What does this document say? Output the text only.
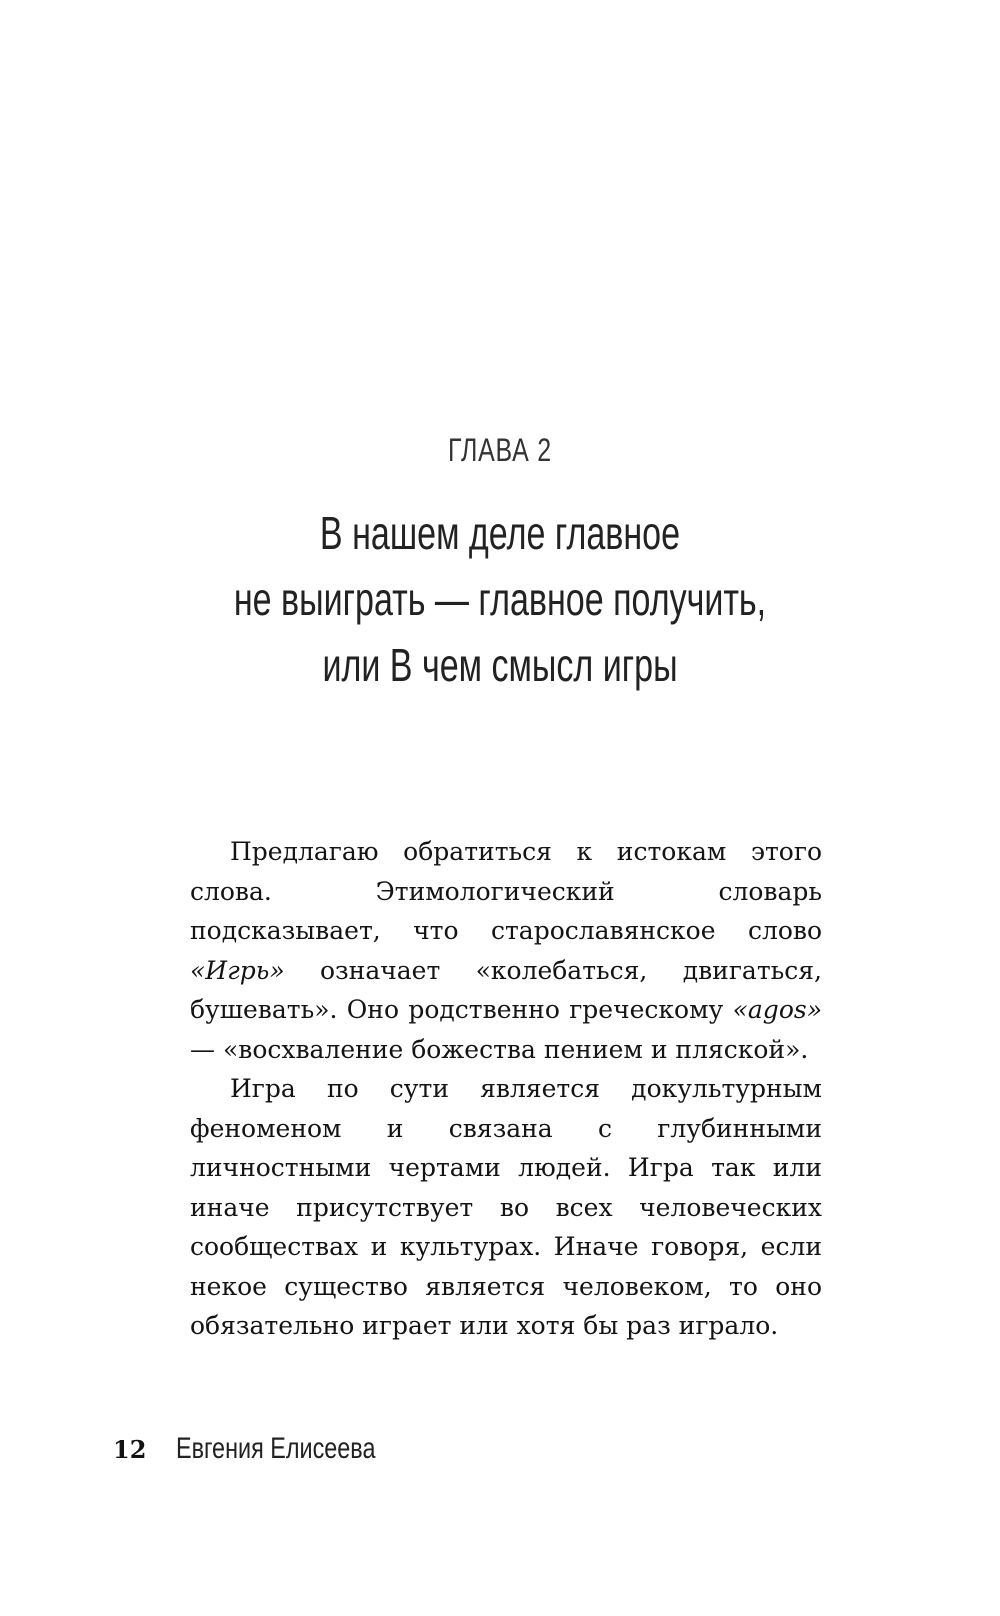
ГЛАВА 2
В нашем деле главное
не выиграть — главное получить,
или В чем смысл игры

Предлагаю обратиться к истокам этого слова. Этимологический словарь подсказывает, что старославянское слово «Игрь» означает «колебаться, двигаться, бушевать». Оно родственно греческому «agos» — «восхваление божества пением и пляской».

Игра по сути является докультурным феноменом и связана с глубинными личностными чертами людей. Игра так или иначе присутствует во всех человеческих сообществах и культурах. Иначе говоря, если некое существо является человеком, то оно обязательно играет или хотя бы раз играло.

12 Евгения Елисеева
